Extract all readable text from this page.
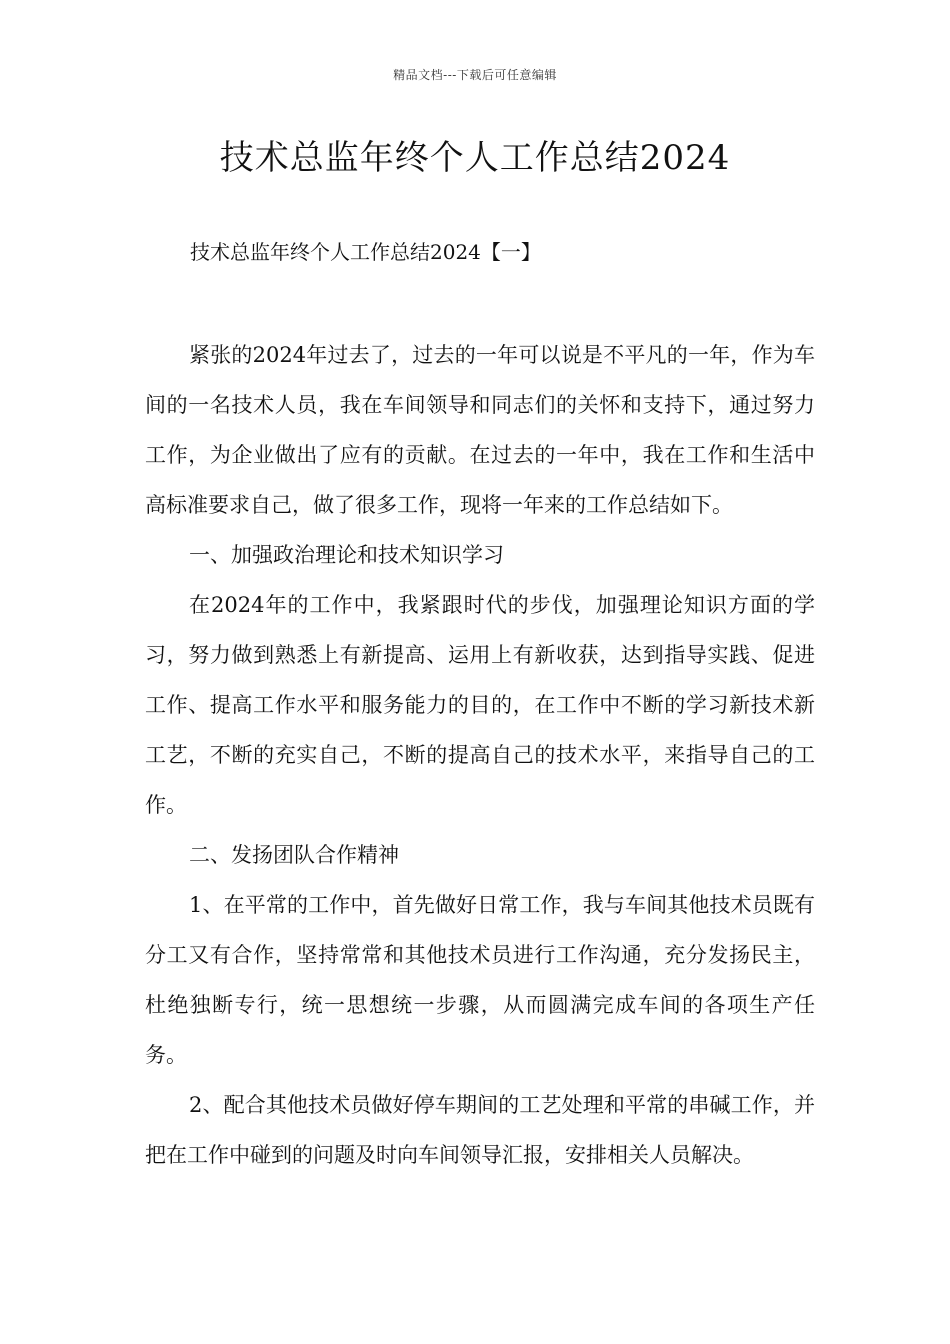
精品文档---下载后可任意编辑
技术总监年终个人工作总结2024
技术总监年终个人工作总结2024【一】

紧张的2024年过去了，过去的一年可以说是不平凡的一年，作为车间的一名技术人员，我在车间领导和同志们的关怀和支持下，通过努力工作，为企业做出了应有的贡献。在过去的一年中，我在工作和生活中高标准要求自己，做了很多工作，现将一年来的工作总结如下。

一、加强政治理论和技术知识学习

在2024年的工作中，我紧跟时代的步伐，加强理论知识方面的学习，努力做到熟悉上有新提高、运用上有新收获，达到指导实践、促进工作、提高工作水平和服务能力的目的，在工作中不断的学习新技术新工艺，不断的充实自己，不断的提高自己的技术水平，来指导自己的工作。

二、发扬团队合作精神

1、在平常的工作中，首先做好日常工作，我与车间其他技术员既有分工又有合作，坚持常常和其他技术员进行工作沟通，充分发扬民主，杜绝独断专行，统一思想统一步骤，从而圆满完成车间的各项生产任务。

2、配合其他技术员做好停车期间的工艺处理和平常的串碱工作，并把在工作中碰到的问题及时向车间领导汇报，安排相关人员解决。
